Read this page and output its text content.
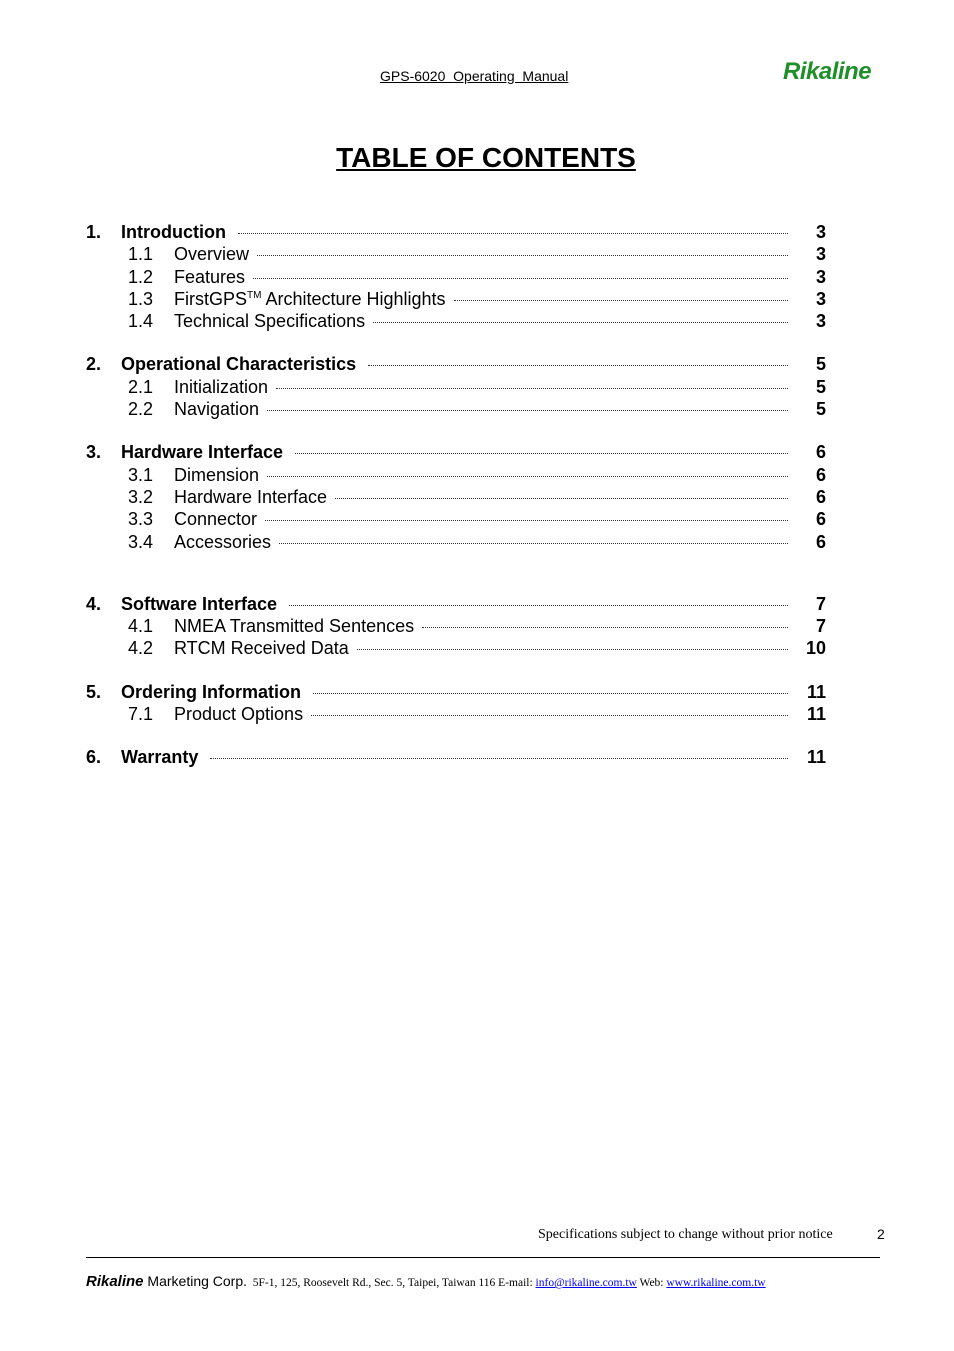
GPS-6020  Operating  Manual	Rikaline
TABLE OF CONTENTS
1.	Introduction	3
1.1	Overview	3
1.2	Features	3
1.3	FirstGPS™ Architecture Highlights	3
1.4	Technical Specifications	3
2.	Operational Characteristics	5
2.1	Initialization	5
2.2	Navigation	5
3.	Hardware Interface	6
3.1	Dimension	6
3.2	Hardware Interface	6
3.3	Connector	6
3.4	Accessories	6
4.	Software Interface	7
4.1	NMEA Transmitted Sentences	7
4.2	RTCM Received Data	10
5.	Ordering Information	11
7.1	Product Options	11
6.	Warranty	11
Specifications subject to change without prior notice	2
Rikaline Marketing Corp.  5F-1, 125, Roosevelt Rd., Sec. 5, Taipei, Taiwan 116 E-mail: info@rikaline.com.tw Web: www.rikaline.com.tw
